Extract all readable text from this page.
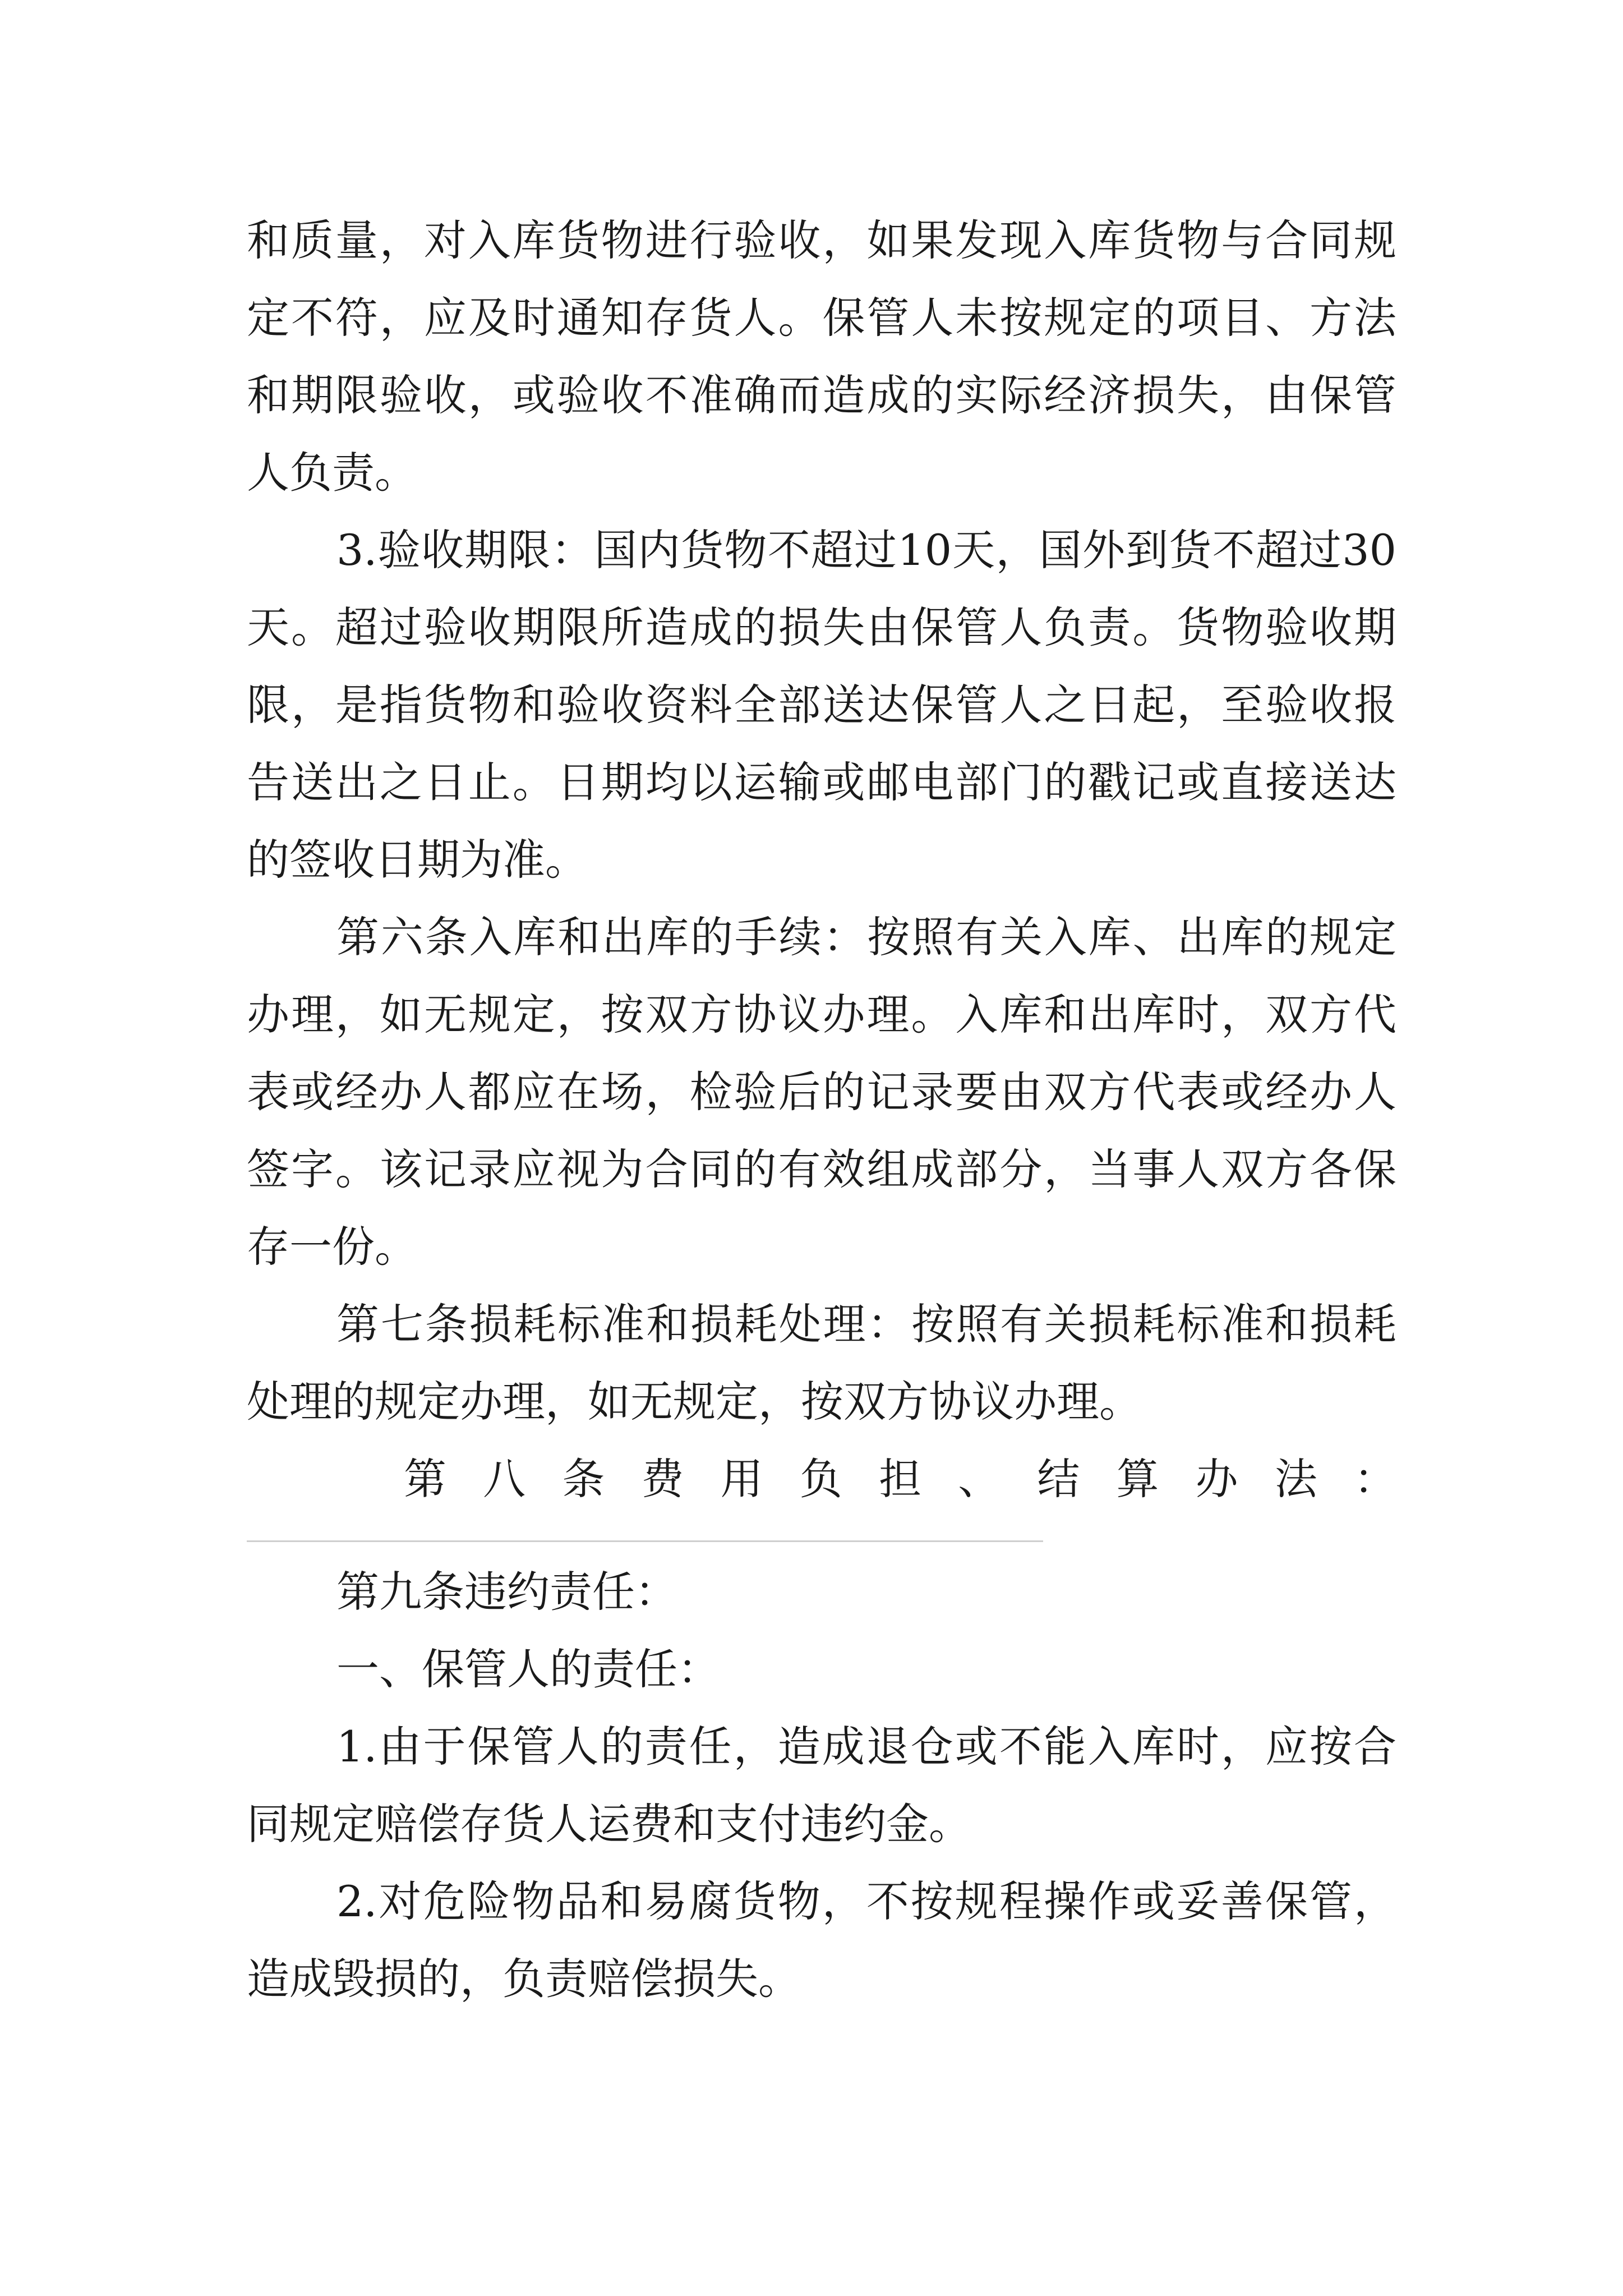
和质量，对入库货物进行验收，如果发现入库货物与合同规定不符，应及时通知存货人。保管人未按规定的项目、方法和期限验收，或验收不准确而造成的实际经济损失，由保管人负责。

3.验收期限：国内货物不超过10天，国外到货不超过30天。超过验收期限所造成的损失由保管人负责。货物验收期限，是指货物和验收资料全部送达保管人之日起，至验收报告送出之日止。日期均以运输或邮电部门的戳记或直接送达的签收日期为准。

第六条入库和出库的手续：按照有关入库、出库的规定办理，如无规定，按双方协议办理。入库和出库时，双方代表或经办人都应在场，检验后的记录要由双方代表或经办人签字。该记录应视为合同的有效组成部分，当事人双方各保存一份。

第七条损耗标准和损耗处理：按照有关损耗标准和损耗处理的规定办理，如无规定，按双方协议办理。

第八条费用负担、结算办法：

第九条违约责任：

一、保管人的责任：

1.由于保管人的责任，造成退仓或不能入库时，应按合同规定赔偿存货人运费和支付违约金。

2.对危险物品和易腐货物，不按规程操作或妥善保管，造成毁损的，负责赔偿损失。
